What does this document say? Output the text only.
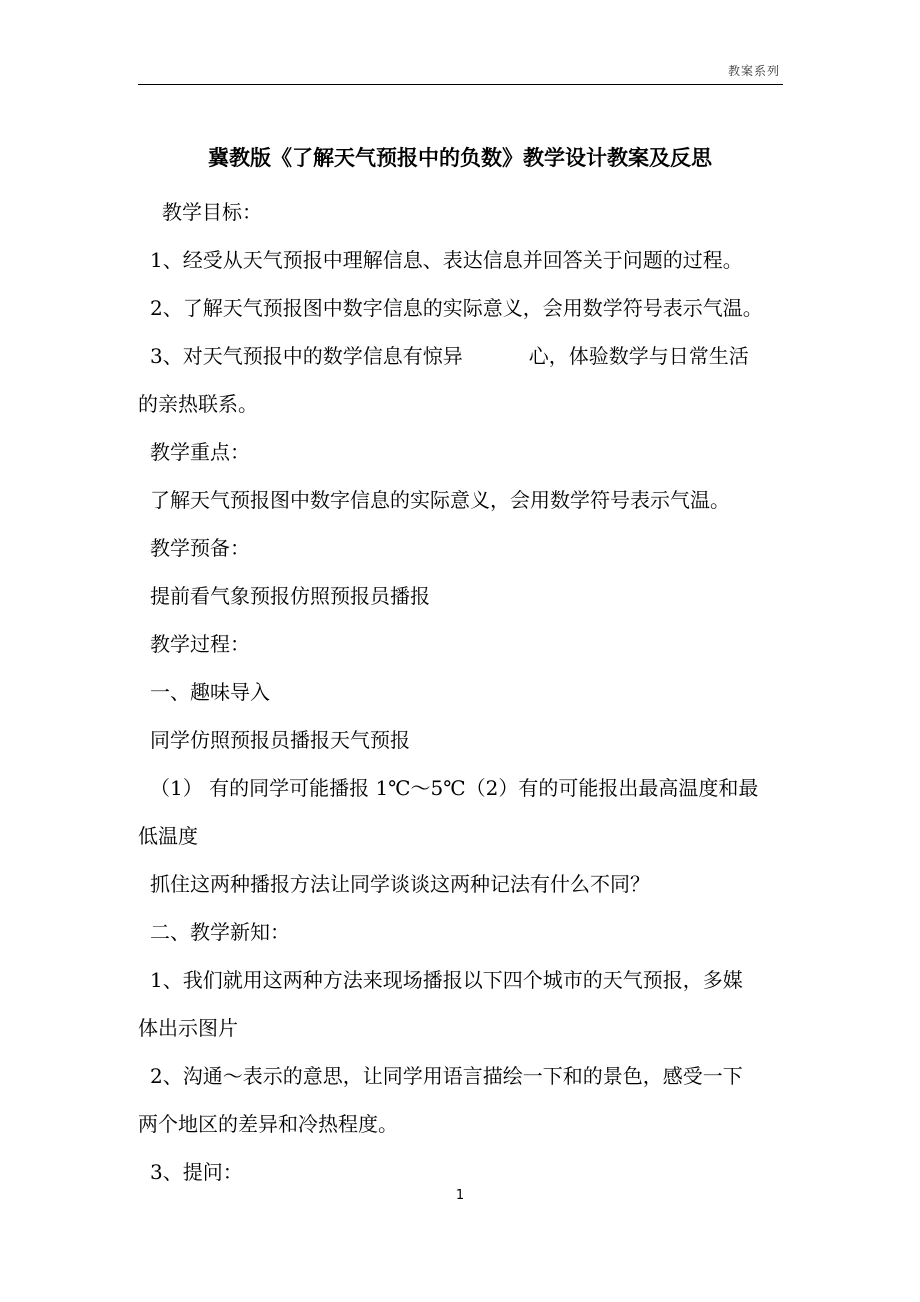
教案系列
冀教版《了解天气预报中的负数》教学设计教案及反思
教学目标：
1、经受从天气预报中理解信息、表达信息并回答关于问题的过程。
2、了解天气预报图中数字信息的实际意义，会用数学符号表示气温。
3、对天气预报中的数学信息有惊异	心，体验数学与日常生活
的亲热联系。
教学重点：
了解天气预报图中数字信息的实际意义，会用数学符号表示气温。
教学预备：
提前看气象预报仿照预报员播报
教学过程：
一、趣味导入
同学仿照预报员播报天气预报
（1） 有的同学可能播报 1℃～5℃（2）有的可能报出最高温度和最
低温度
抓住这两种播报方法让同学谈谈这两种记法有什么不同？
二、教学新知：
1、我们就用这两种方法来现场播报以下四个城市的天气预报，多媒
体出示图片
2、沟通～表示的意思，让同学用语言描绘一下和的景色，感受一下
两个地区的差异和冷热程度。
3、提问：
1
